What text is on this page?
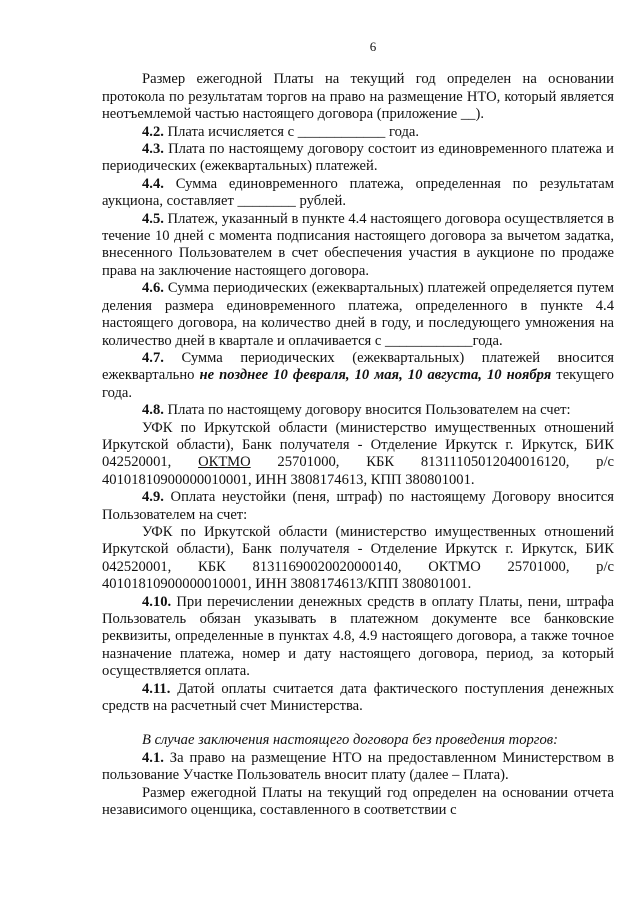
6

Размер ежегодной Платы на текущий год определен на основании протокола по результатам торгов на право на размещение НТО, который является неотъемлемой частью настоящего договора (приложение __).

4.2. Плата исчисляется с ____________ года.

4.3. Плата по настоящему договору состоит из единовременного платежа и периодических (ежеквартальных) платежей.

4.4. Сумма единовременного платежа, определенная по результатам аукциона, составляет ________ рублей.

4.5. Платеж, указанный в пункте 4.4 настоящего договора осуществляется в течение 10 дней с момента подписания настоящего договора за вычетом задатка, внесенного Пользователем в счет обеспечения участия в аукционе по продаже права на заключение настоящего договора.

4.6. Сумма периодических (ежеквартальных) платежей определяется путем деления размера единовременного платежа, определенного в пункте 4.4 настоящего договора, на количество дней в году, и последующего умножения на количество дней в квартале и оплачивается с ____________года.

4.7. Сумма периодических (ежеквартальных) платежей вносится ежеквартально не позднее 10 февраля, 10 мая, 10 августа, 10 ноября текущего года.

4.8. Плата по настоящему договору вносится Пользователем на счет:

УФК по Иркутской области (министерство имущественных отношений Иркутской области), Банк получателя - Отделение Иркутск г. Иркутск, БИК 042520001, ОКТМО 25701000, КБК 81311105012040016120, р/с 40101810900000010001, ИНН 3808174613, КПП 380801001.

4.9. Оплата неустойки (пеня, штраф) по настоящему Договору вносится Пользователем на счет:

УФК по Иркутской области (министерство имущественных отношений Иркутской области), Банк получателя - Отделение Иркутск г. Иркутск, БИК 042520001, КБК 81311690020020000140, ОКТМО 25701000, р/с 40101810900000010001, ИНН 3808174613/КПП 380801001.

4.10. При перечислении денежных средств в оплату Платы, пени, штрафа Пользователь обязан указывать в платежном документе все банковские реквизиты, определенные в пунктах 4.8, 4.9 настоящего договора, а также точное назначение платежа, номер и дату настоящего договора, период, за который осуществляется оплата.

4.11. Датой оплаты считается дата фактического поступления денежных средств на расчетный счет Министерства.

В случае заключения настоящего договора без проведения торгов:

4.1. За право на размещение НТО на предоставленном Министерством в пользование Участке Пользователь вносит плату (далее – Плата).

Размер ежегодной Платы на текущий год определен на основании отчета независимого оценщика, составленного в соответствии с
